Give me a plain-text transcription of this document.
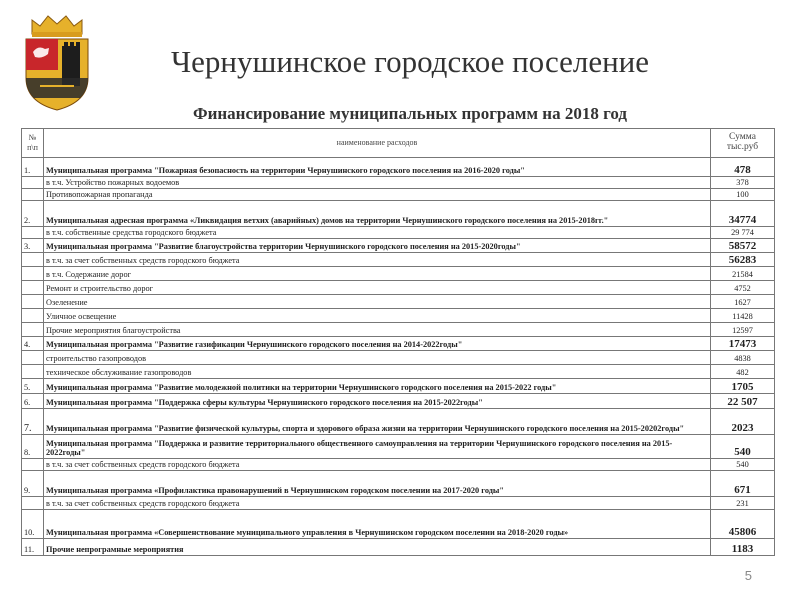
Чернушинское городское поселение
Финансирование муниципальных программ на 2018 год
№ п\п	наименование расходов	Сумма тыс.руб
1.	Муниципальная программа "Пожарная безопасность на территории Чернушинского городского поселения на 2016-2020 годы"	478
	в т.ч. Устройство пожарных водоемов	378
	Противопожарная пропаганда	100
2.	Муниципальная адресная программа «Ликвидация ветхих (аварийных) домов на территории Чернушинского городского поселения на 2015-2018гг."	34774
	в т.ч. собственные средства городского бюджета	29 774
3.	Муниципальная программа "Развитие благоустройства территории Чернушинского городского поселения на 2015-2020годы"	58572
	в т.ч. за счет собственных средств городского бюджета	56283
	в т.ч. Содержание дорог	21584
	Ремонт и строительство дорог	4752
	Озеленение	1627
	Уличное освещение	11428
	Прочие мероприятия благоустройства	12597
4.	Муниципальная программа "Развитие газификации Чернушинского городского поселения на 2014-2022годы"	17473
	строительство газопроводов	4838
	техническое обслуживание газопроводов	482
5.	Муниципальная программа "Развитие молодежной политики на территории Чернушинского городского поселения на 2015-2022 годы"	1705
6.	Муниципальная программа "Поддержка сферы культуры Чернушинского городского поселения на 2015-2022годы"	22 507
7.	Муниципальная программа "Развитие физической культуры, спорта и здорового образа жизни на территории Чернушинского городского поселения на 2015-20202годы"	2023
8.	Муниципальная программа "Поддержка и развитие территориального общественного самоуправления на территории Чернушинского городского поселения на 2015-2022годы"	540
	в т.ч. за счет собственных средств городского бюджета	540
9.	Муниципальная программа «Профилактика правонарушений в Чернушинском городском поселении на 2017-2020 годы"	671
	в т.ч. за счет собственных средств городского бюджета	231
10.	Муниципальная программа «Совершенствование муниципального управления в Чернушинском городском поселении на 2018-2020 годы»	45806
11.	Прочие непрограмные мероприятия	1183
5
